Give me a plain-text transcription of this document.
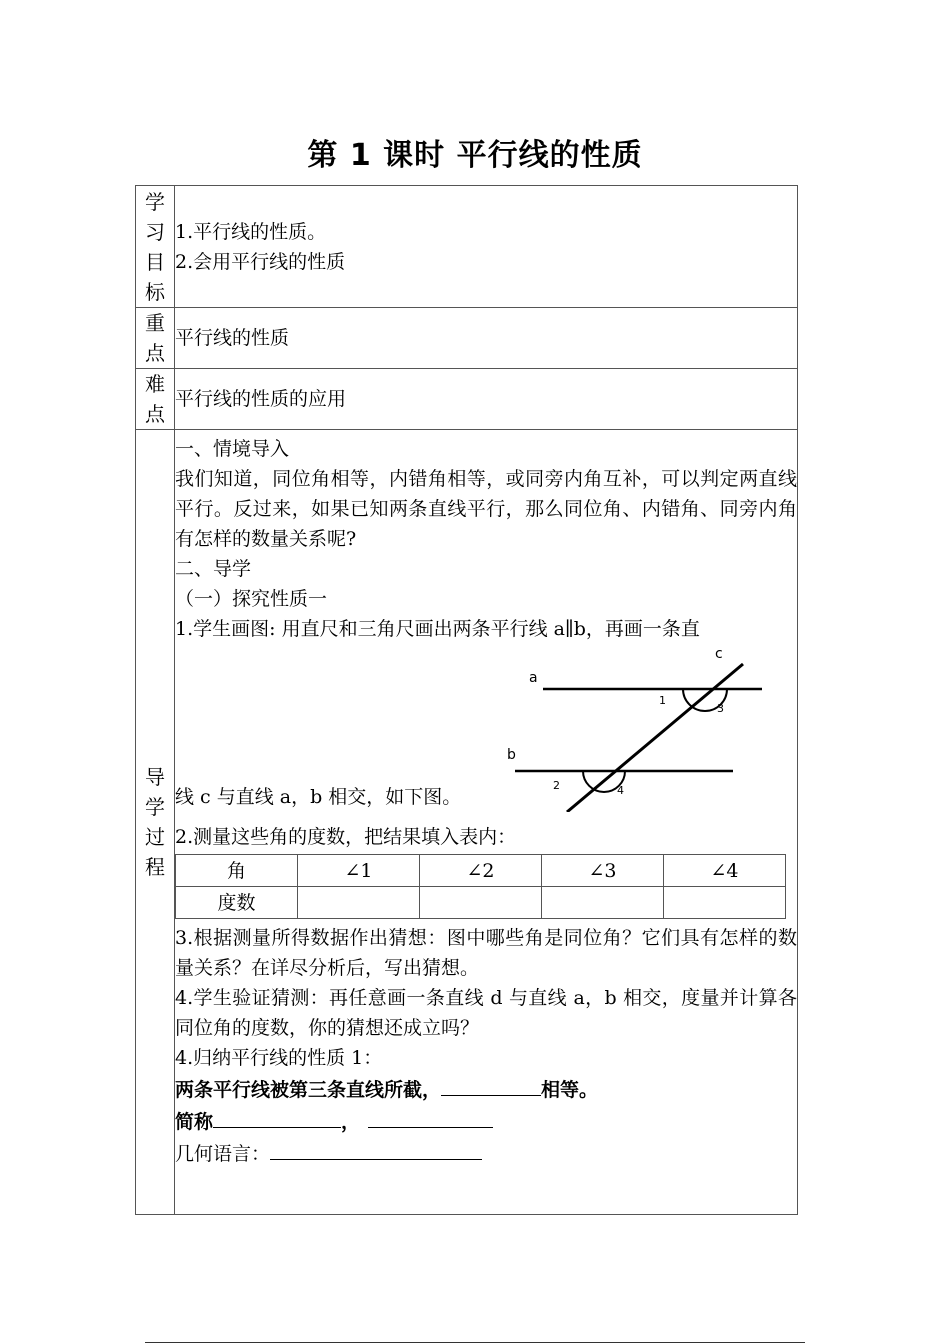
第 1 课时 平行线的性质
学习目标	
1.平行线的性质。
2.会用平行线的性质

重点	平行线的性质
难点	平行线的性质的应用
导学过程	
一、情境导入
我们知道，同位角相等，内错角相等，或同旁内角互补，可以判定两直线平行。反过来，如果已知两条直线平行，那么同位角、内错角、同旁内角有怎样的数量关系呢?
二、导学
（一）探究性质一
1.学生画图: 用直尺和三角尺画出两条平行线 a∥b，再画一条直
线 c 与直线 a，b 相交，如下图。
a
b
c
1
3
2	4
2.测量这些角的度数，把结果填入表内：
角	∠1	∠2	∠3	∠4
度数				
3.根据测量所得数据作出猜想：图中哪些角是同位角？它们具有怎样的数量关系？在详尽分析后，写出猜想。
4.学生验证猜测：再任意画一条直线 d 与直线 a，b 相交，度量并计算各同位角的度数，你的猜想还成立吗？
4.归纳平行线的性质 1：
两条平行线被第三条直线所截，	相等。
简称	，
几何语言：
